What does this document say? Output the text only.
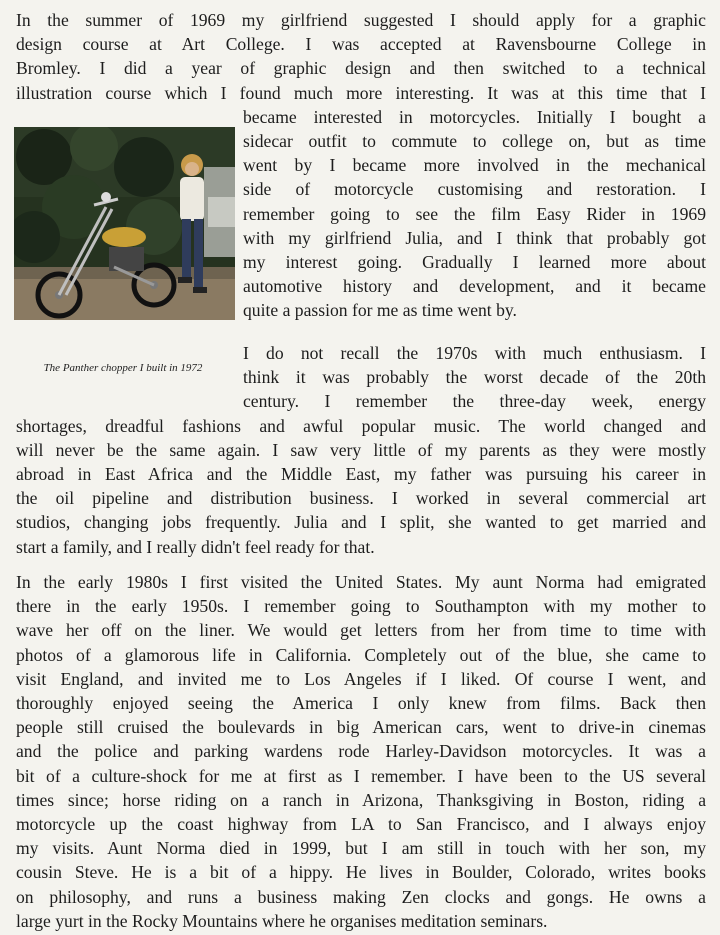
In the summer of 1969 my girlfriend suggested I should apply for a graphic
design course at Art College. I was accepted at Ravensbourne College in
Bromley. I did a year of graphic design and then switched to a technical
illustration course which I found much more interesting. It was at this time that I
became interested in motorcycles. Initially I bought a
sidecar outfit to commute to college on, but as time
went by I became more involved in the mechanical
side of motorcycle customising and restoration. I
remember going to see the film Easy Rider in 1969
with my girlfriend Julia, and I think that probably got
my interest going. Gradually I learned more about
automotive history and development, and it became
quite a passion for me as time went by.
The Panther chopper I built in 1972
I do not recall the 1970s with much enthusiasm. I
think it was probably the worst decade of the 20th
century. I remember the three-day week, energy
shortages, dreadful fashions and awful popular music. The world changed and
will never be the same again. I saw very little of my parents as they were mostly
abroad in East Africa and the Middle East, my father was pursuing his career in
the oil pipeline and distribution business. I worked in several commercial art
studios, changing jobs frequently. Julia and I split, she wanted to get married and
start a family, and I really didn't feel ready for that.
In the early 1980s I first visited the United States. My aunt Norma had emigrated
there in the early 1950s. I remember going to Southampton with my mother to
wave her off on the liner. We would get letters from her from time to time with
photos of a glamorous life in California. Completely out of the blue, she came to
visit England, and invited me to Los Angeles if I liked. Of course I went, and
thoroughly enjoyed seeing the America I only knew from films. Back then
people still cruised the boulevards in big American cars, went to drive-in cinemas
and the police and parking wardens rode Harley-Davidson motorcycles. It was a
bit of a culture-shock for me at first as I remember. I have been to the US several
times since; horse riding on a ranch in Arizona, Thanksgiving in Boston, riding a
motorcycle up the coast highway from LA to San Francisco, and I always enjoy
my visits. Aunt Norma died in 1999, but I am still in touch with her son, my
cousin Steve. He is a bit of a hippy. He lives in Boulder, Colorado, writes books
on philosophy, and runs a business making Zen clocks and gongs. He owns a
large yurt in the Rocky Mountains where he organises meditation seminars.
